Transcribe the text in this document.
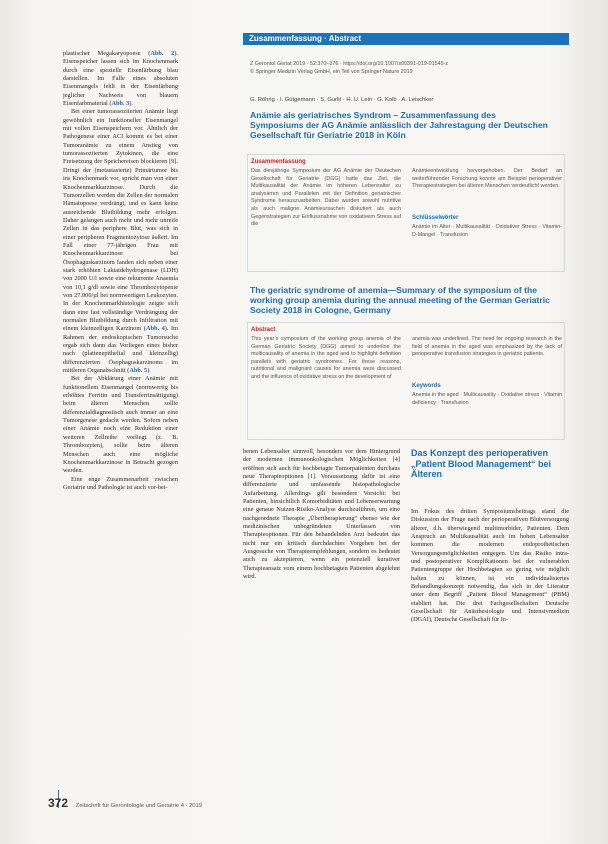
plastischer Megakaryopoese (Abb. 2). Eisenspeicher lassen sich im Knochenmark durch eine spezielle Eisenfärbung blau darstellen. Im Falle eines absoluten Eisenmangels fehlt in der Eisenfärbung jeglicher Nachweis von blauem Eisenfarbmaterial (Abb. 3).

Bei einer tumorassoziierten Anämie liegt gewöhnlich ein funktioneller Eisenmangel mit vollen Eisenspeichern vor. Ähnlich der Pathogenese einer ACI kommt es bei einer Tumoranämie zu einem Anstieg von tumorassoziierten Zytokinen, die eine Freisetzung der Speichereisen blockieren [9]. Dringt der (metastasierte) Primärtumor bis ins Knochenmark vor, spricht man von einer Knochenmarkkarzinose. Durch die Tumorzellen werden die Zellen der normalen Hämatopoese verdrängt, und es kann keine ausreichende Blutbildung mehr erfolgen. Daher gelangen auch mehr und mehr unreife Zellen in das periphere Blut, was sich in einer peripheren Fragmentozytose äußert. Im Fall einer 77-jährigen Frau mit Knochenmarkkarzinose bei Ösophaguskarzinom fanden sich neben einer stark erhöhten Laktatdehydrogenase (LDH) von 2000 U/l sowie eine rekurrente Anaemia von 10,1 g/dl sowie eine Thrombozytopenie von 27.000/µl bei normwertigen Leukozyten. In der Knochenmarkhistologie zeigte sich dann eine fast vollständige Verdrängung der normalen Blutbildung durch Infiltration mit einem kleinzelligen Karzinom (Abb. 4). Im Rahmen der endoskopischen Tumorsuche ergab sich dann das Vorliegen eines bisher nach (plattenepithelial und kleinzellig) differenzierten Ösophaguskarzinoms im mittleren Organabschnitt (Abb. 5).

Bei der Abklärung einer Anämie mit funktionellem Eisenmangel (normwertig bis erhöhtes Ferritin und Transferrinsättigung) beim älteren Menschen sollte differenzialdiagnostisch auch immer an eine Tumorgenese gedacht werden. Sofern neben einer Anämie noch eine Reduktion einer weiteren Zellreihe vorliegt (z. B. Thrombozyten), sollte beim älteren Menschen auch eine mögliche Knochenmarkkarzinose in Betracht gezogen werden.

Eine enge Zusammenarbeit zwischen Geriatrie und Pathologie ist auch vor-bei-

Zusammenfassung · Abstract
Z Gerontol Geriat 2019 · 52:370–376 · https://doi.org/10.1007/s00391-019-01545-z
© Springer Medizin Verlag GmbH, ein Teil von Springer Nature 2019
G. Röhrig · I. Gütgemann · S. Gurlit · H. U. Lein · G. Kolb · A. Leischker
Anämie als geriatrisches Syndrom – Zusammenfassung des Symposiums der AG Anämie anlässlich der Jahrestagung der Deutschen Gesellschaft für Geriatrie 2018 in Köln
Zusammenfassung
Das diesjährige Symposium der AG Anämie der Deutschen Gesellschaft für Geriatrie (DGG) hatte das Ziel, die Multikausalität der Anämie im höheren Lebensalter zu analysieren und Parallelen mit der Definition geriatrischer Syndrome herauszuarbeiten. Dabei wurden sowohl nutritive als auch maligne Anämieursachen diskutiert als auch Gegenstrategien zur Einflussnahme von oxidativem Stress auf die
Anämieentwicklung hervorgehoben. Der Bedarf an weiterführender Forschung konnte am Beispiel perioperativer Therapiestrategien bei älteren Menschen verdeutlicht werden.
Schlüsselwörter
Anämie im Alter · Multikausalität · Oxidativer Stress · Vitamin-D-Mangel · Transfusion
The geriatric syndrome of anemia—Summary of the symposium of the working group anemia during the annual meeting of the German Geriatric Society 2018 in Cologne, Germany
Abstract
This year’s symposium of the working group anemia of the German Geriatric Society (DGG) aimed to underline the multicausality of anemia in the aged and to highlight definition parallels with geriatric syndromes. For these reasons, nutritional and malignant causes for anemia were discussed and the influence of oxidative stress on the development of
anemia was underlined. The need for ongoing research in the field of anemia in the aged was emphasized by the lack of perioperative transfusion strategies in geriatric patients.
Keywords
Anemia in the aged · Multicausality · Oxidative stress · Vitamin deficiency · Transfusion

benen Lebensalter sinnvoll, besonders vor dem Hintergrund der modernen immunonkologischen Möglichkeiten [4] eröffnen sich auch für hochbetagte Tumorpatienten durchaus neue Therapieoptionen [1]. Voraussetzung dafür ist eine differenzierte und umfassende histopathologische Aufarbeitung. Allerdings gilt besondere Vorsicht: bei Patienten, hinsichtlich Komorbiditäten und Lebenserwartung eine genaue Nutzen-Risiko-Analyse durchzuführen, um eine nachgeordnete Therapie „Übertherapierung“ ebenso wie der medizinischen unbegründeten Unterlassen von Therapieoptionen. Für den behandelnden Arzt bedeutet das nicht nur ein kritisch durchdachtes Vorgehen bei der Ausgesuche von Therapieempfehlungen, sondern es bedeutet auch zu akzeptieren, wenn ein potenziell kurativer Therapieansatz vom einem hochbetagten Patienten abgelehnt wird.

Das Konzept des perioperativen „Patient Blood Management“ bei Älteren

Im Fokus des dritten Symposiumsbeitrags stand die Diskussion der Frage nach der perioperativen Blutversorgung älterer, d.h. überwiegend multimorbider, Patienten. Dem Anspruch an Multikausalität auch im hohen Lebensalter kommen die modernen endoprothetischen Versorgungsmöglichkeiten entgegen. Um das Risiko intra- und postoperativer Komplikationen bei der vulnerablen Patientengruppe der Hochbetagten so gering wie möglich halten zu können, ist ein individualisiertes Behandlungskonzept notwendig, das sich in der Literatur unter dem Begriff „Patient Blood Management“ (PBM) etabliert hat. Die drei Fachgesellschaften Deutsche Gesellschaft für Anästhesiologie und Intensivmedizin (DGAI), Deutsche Gesellschaft für In-

372 Zeitschrift für Gerontologie und Geriatrie 4 · 2019
